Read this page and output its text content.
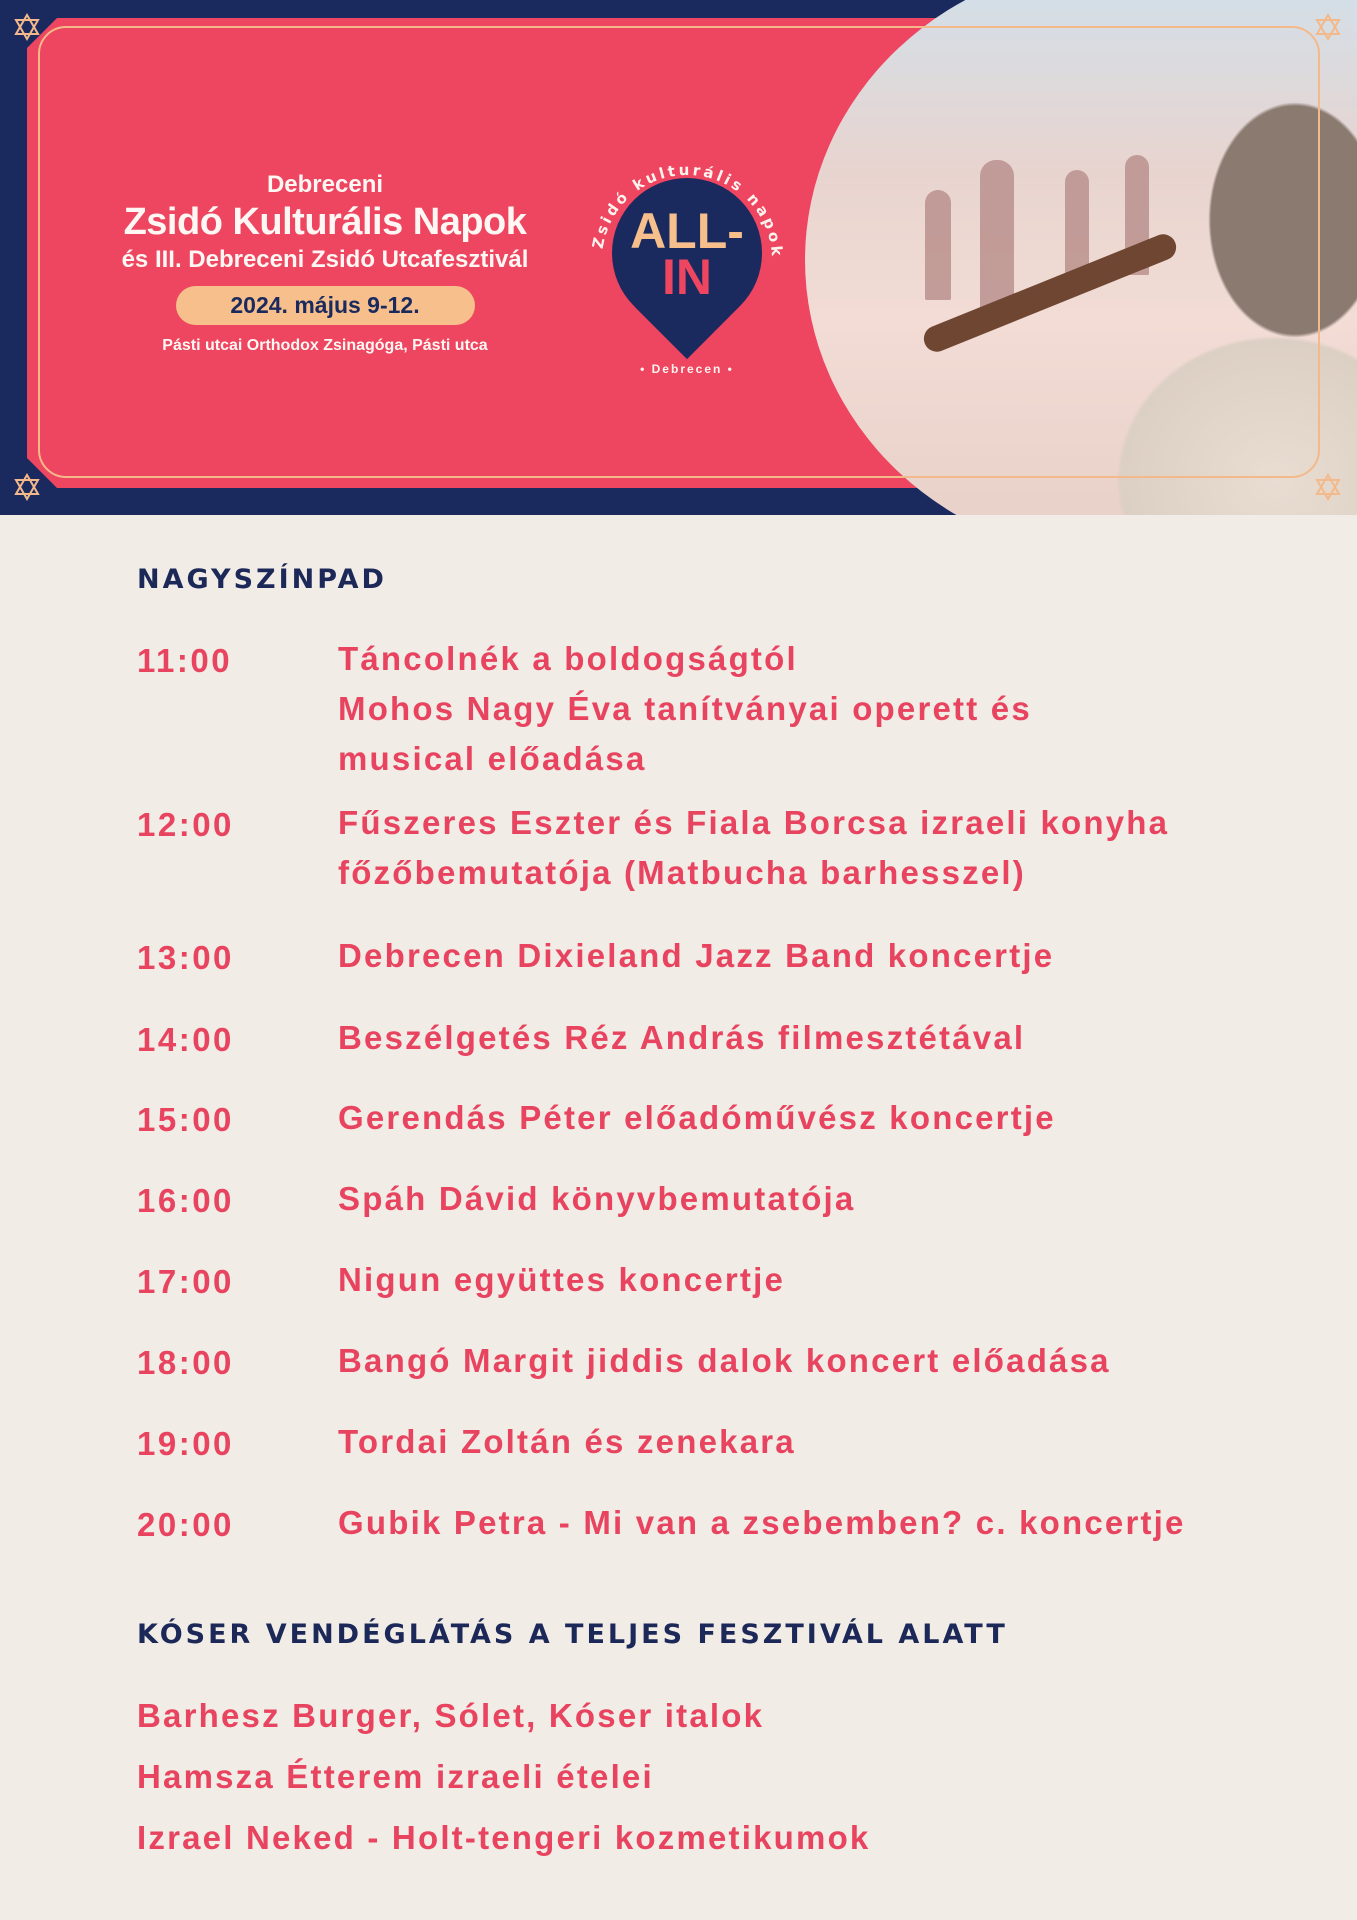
Debreceni
Zsidó Kulturális Napok
és III. Debreceni Zsidó Utcafesztivál
2024. május 9-12.
Pásti utcai Orthodox Zsinagóga, Pásti utca
Zsidó kulturális napok
ALL-
IN
• Debrecen •
NAGYSZÍNPAD
11:00	Táncolnék a boldogságtól
Mohos Nagy Éva tanítványai operett és
musical előadása
12:00	Fűszeres Eszter és Fiala Borcsa izraeli konyha
főzőbemutatója (Matbucha barhesszel)
13:00	Debrecen Dixieland Jazz Band koncertje
14:00	Beszélgetés Réz András filmesztétával
15:00	Gerendás Péter előadóművész koncertje
16:00	Spáh Dávid könyvbemutatója
17:00	Nigun együttes koncertje
18:00	Bangó Margit jiddis dalok koncert előadása
19:00	Tordai Zoltán és zenekara
20:00	Gubik Petra - Mi van a zsebemben? c. koncertje
KÓSER VENDÉGLÁTÁS A TELJES FESZTIVÁL ALATT
Barhesz Burger, Sólet, Kóser italok
Hamsza Étterem izraeli ételei
Izrael Neked - Holt-tengeri kozmetikumok
